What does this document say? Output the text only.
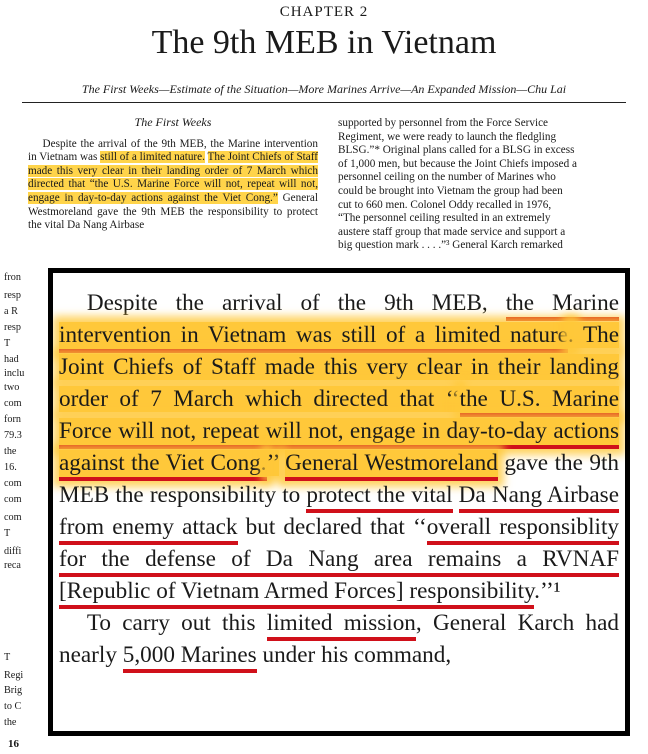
CHAPTER 2
The 9th MEB in Vietnam
The First Weeks—Estimate of the Situation—More Marines Arrive—An Expanded Mission—Chu Lai
The First Weeks
Despite the arrival of the 9th MEB, the Marine intervention in Vietnam was still of a limited nature. The Joint Chiefs of Staff made this very clear in their landing order of 7 March which directed that “the U.S. Marine Force will not, repeat will not, engage in day-to-day actions against the Viet Cong.” General Westmoreland gave the 9th MEB the responsibility to protect the vital Da Nang Airbase
fron
resp
a R
resp
T
had
inclu
two
com
forn
79.3
the
16.
com
com
com
T
diffi
reca
T
Regi
Brig
to C
the
supported by personnel from the Force Service
Regiment, we were ready to launch the fledgling
BLSG.”* Original plans called for a BLSG in excess
of 1,000 men, but because the Joint Chiefs imposed a
personnel ceiling on the number of Marines who
could be brought into Vietnam the group had been
cut to 660 men. Colonel Oddy recalled in 1976,
“The personnel ceiling resulted in an extremely
austere staff group that made service and support a
big question mark . . . .”³ General Karch remarked

Despite the arrival of the 9th MEB, the Marine intervention in Vietnam was still of a limited nature. The Joint Chiefs of Staff made this very clear in their landing order of 7 March which directed that ‘‘the U.S. Marine Force will not, repeat will not, engage in day-to-day actions against the Viet Cong.’’ General Westmoreland gave the 9th MEB the responsibility to protect the vital Da Nang Airbase from enemy attack but declared that ‘‘overall responsiblity for the defense of Da Nang area remains a RVNAF [Republic of Vietnam Armed Forces] responsibility.’’¹

To carry out this limited mission, General Karch had nearly 5,000 Marines under his command,

16
